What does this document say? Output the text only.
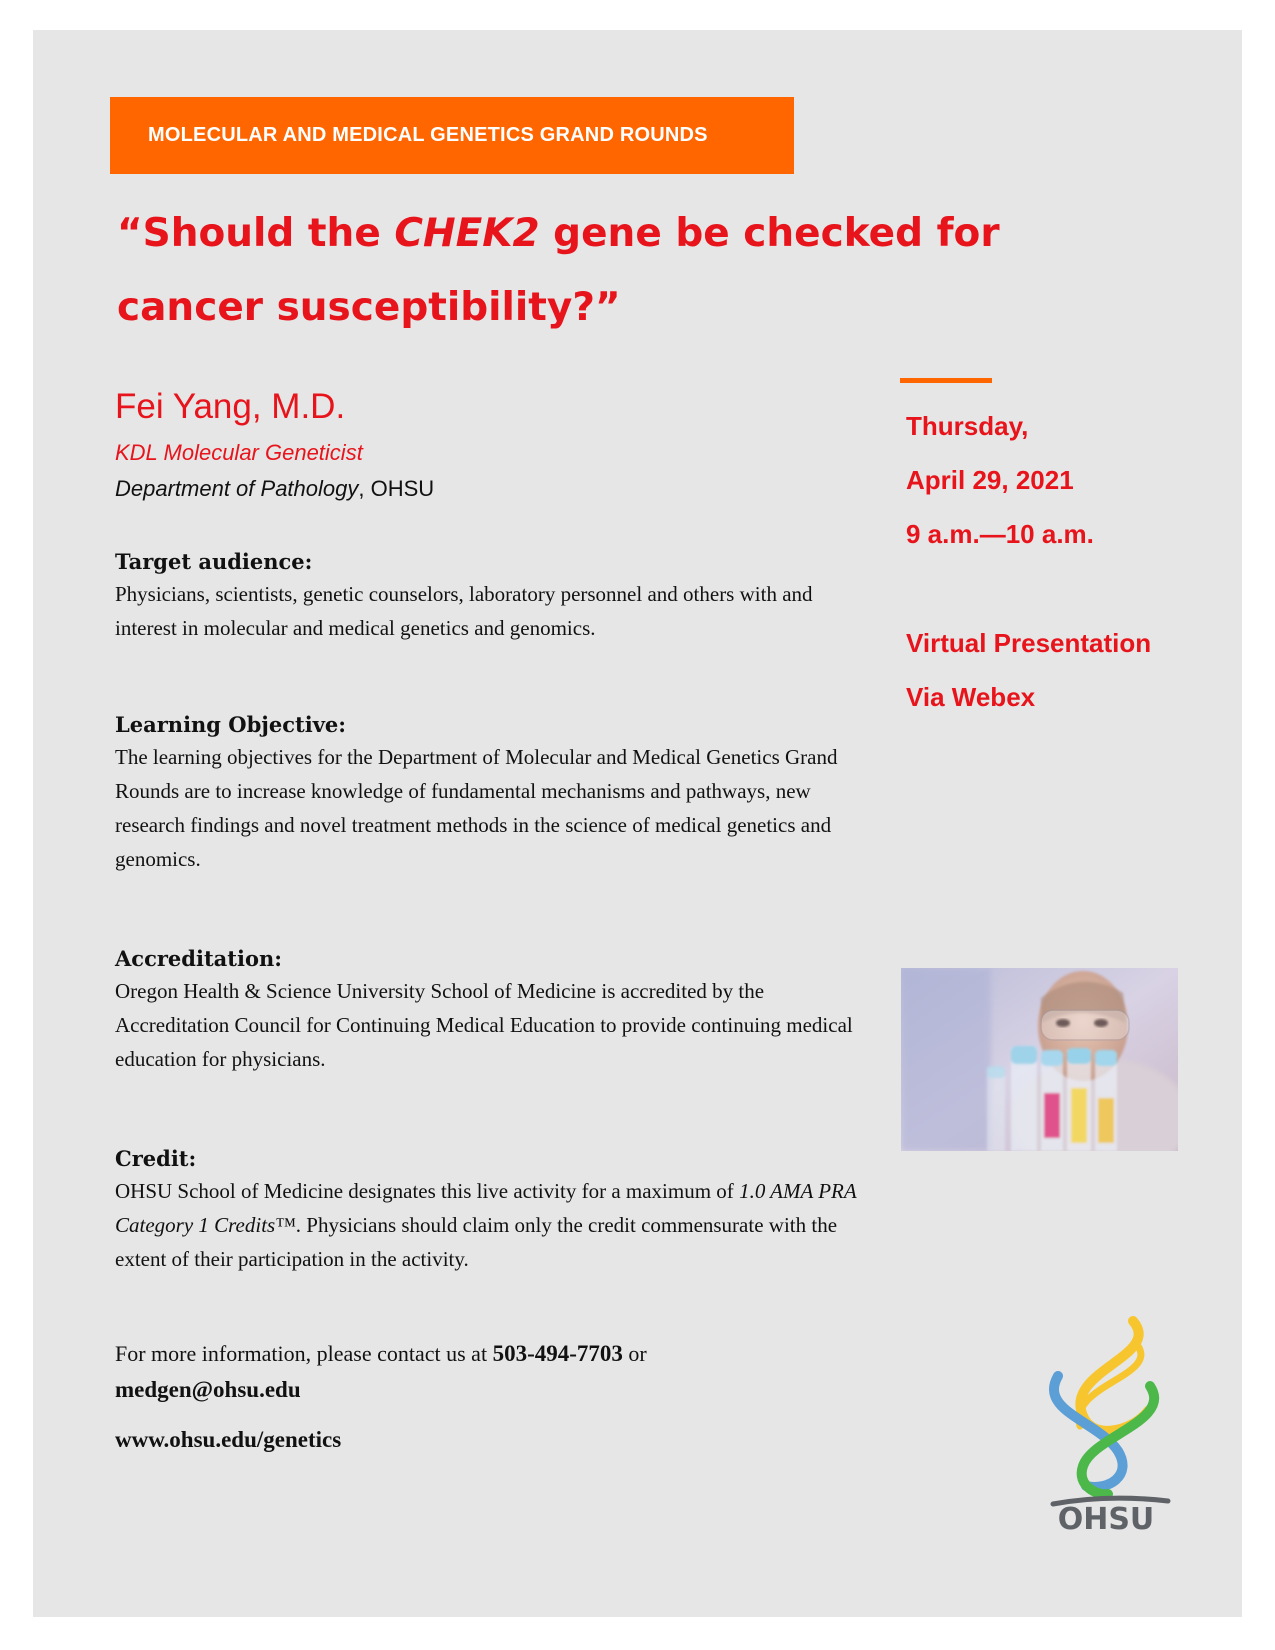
MOLECULAR AND MEDICAL GENETICS GRAND ROUNDS
“Should the CHEK2 gene be checked for cancer susceptibility?”
Fei Yang, M.D.
KDL Molecular Geneticist
Department of Pathology, OHSU
Target audience:

Physicians, scientists, genetic counselors, laboratory personnel and others with and interest in molecular and medical genetics and genomics.

Learning Objective:

The learning objectives for the Department of Molecular and Medical Genetics Grand Rounds are to increase knowledge of fundamental mechanisms and pathways, new research findings and novel treatment methods in the science of medical genetics and genomics.

Accreditation:

Oregon Health & Science University School of Medicine is accredited by the Accreditation Council for Continuing Medical Education to provide continuing medical education for physicians.

Credit:

OHSU School of Medicine designates this live activity for a maximum of 1.0 AMA PRA Category 1 Credits™. Physicians should claim only the credit commensurate with the extent of their participation in the activity.

For more information, please contact us at 503-494-7703 or
medgen@ohsu.edu
www.ohsu.edu/genetics
Thursday,
April 29, 2021
9 a.m.—10 a.m.
Virtual Presentation
Via Webex
OHSU
